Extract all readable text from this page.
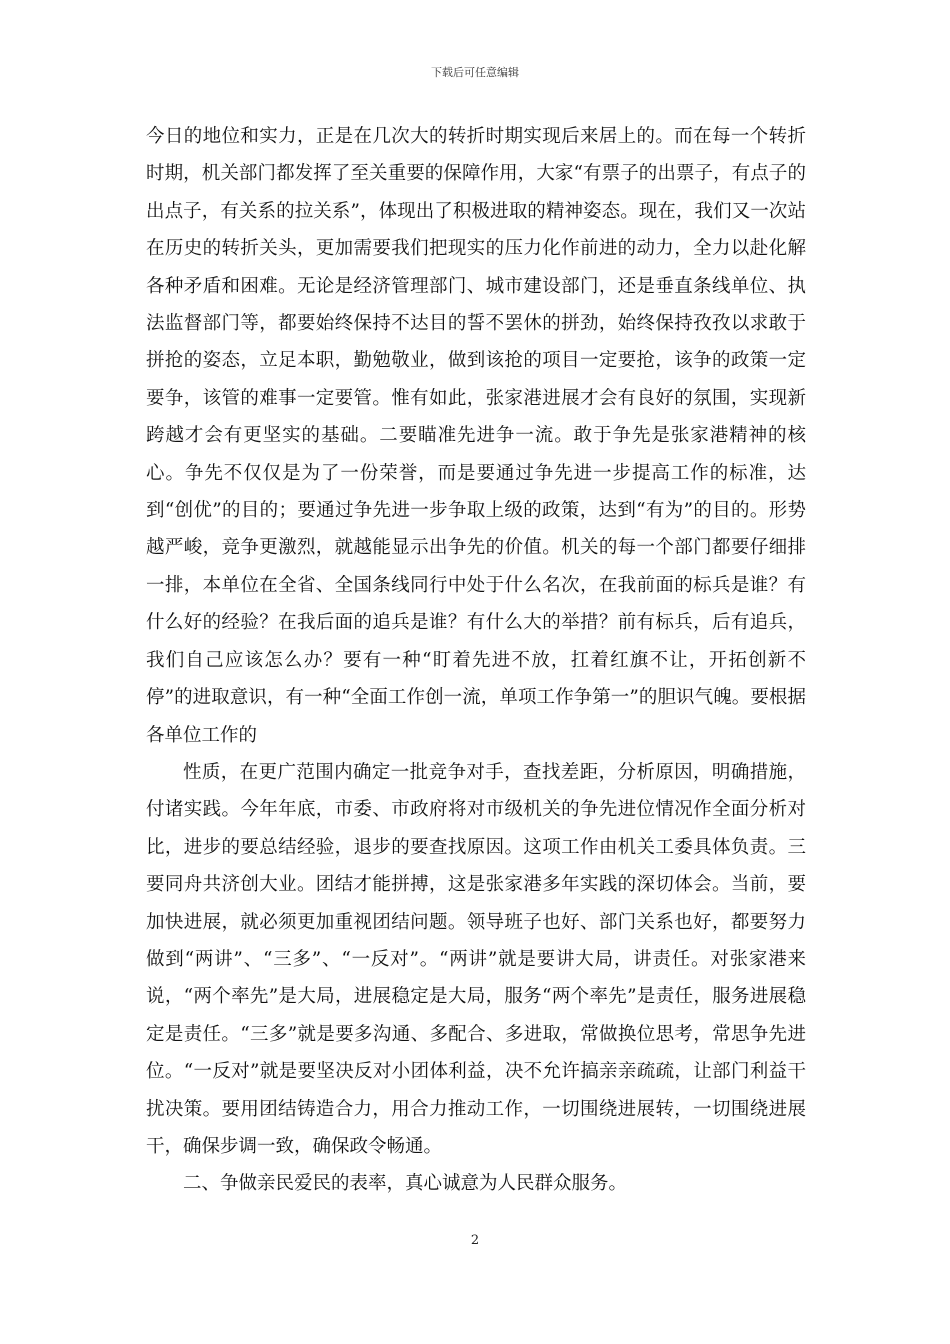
下载后可任意编辑

今日的地位和实力，正是在几次大的转折时期实现后来居上的。而在每一个转折时期，机关部门都发挥了至关重要的保障作用，大家“有票子的出票子，有点子的出点子，有关系的拉关系”，体现出了积极进取的精神姿态。现在，我们又一次站在历史的转折关头，更加需要我们把现实的压力化作前进的动力，全力以赴化解各种矛盾和困难。无论是经济管理部门、城市建设部门，还是垂直条线单位、执法监督部门等，都要始终保持不达目的誓不罢休的拼劲，始终保持孜孜以求敢于拼抢的姿态，立足本职，勤勉敬业，做到该抢的项目一定要抢，该争的政策一定要争，该管的难事一定要管。惟有如此，张家港进展才会有良好的氛围，实现新跨越才会有更坚实的基础。二要瞄准先进争一流。敢于争先是张家港精神的核心。争先不仅仅是为了一份荣誉，而是要通过争先进一步提高工作的标准，达到“创优”的目的；要通过争先进一步争取上级的政策，达到“有为”的目的。形势越严峻，竞争更激烈，就越能显示出争先的价值。机关的每一个部门都要仔细排一排，本单位在全省、全国条线同行中处于什么名次，在我前面的标兵是谁？有什么好的经验？在我后面的追兵是谁？有什么大的举措？前有标兵，后有追兵，我们自己应该怎么办？要有一种“盯着先进不放，扛着红旗不让，开拓创新不停”的进取意识，有一种“全面工作创一流，单项工作争第一”的胆识气魄。要根据各单位工作的

性质，在更广范围内确定一批竞争对手，查找差距，分析原因，明确措施，付诸实践。今年年底，市委、市政府将对市级机关的争先进位情况作全面分析对比，进步的要总结经验，退步的要查找原因。这项工作由机关工委具体负责。三要同舟共济创大业。团结才能拼搏，这是张家港多年实践的深切体会。当前，要加快进展，就必须更加重视团结问题。领导班子也好、部门关系也好，都要努力做到“两讲”、“三多”、“一反对”。“两讲”就是要讲大局，讲责任。对张家港来说，“两个率先”是大局，进展稳定是大局，服务“两个率先”是责任，服务进展稳定是责任。“三多”就是要多沟通、多配合、多进取，常做换位思考，常思争先进位。“一反对”就是要坚决反对小团体利益，决不允许搞亲亲疏疏，让部门利益干扰决策。要用团结铸造合力，用合力推动工作，一切围绕进展转，一切围绕进展干，确保步调一致，确保政令畅通。

二、争做亲民爱民的表率，真心诚意为人民群众服务。

2
